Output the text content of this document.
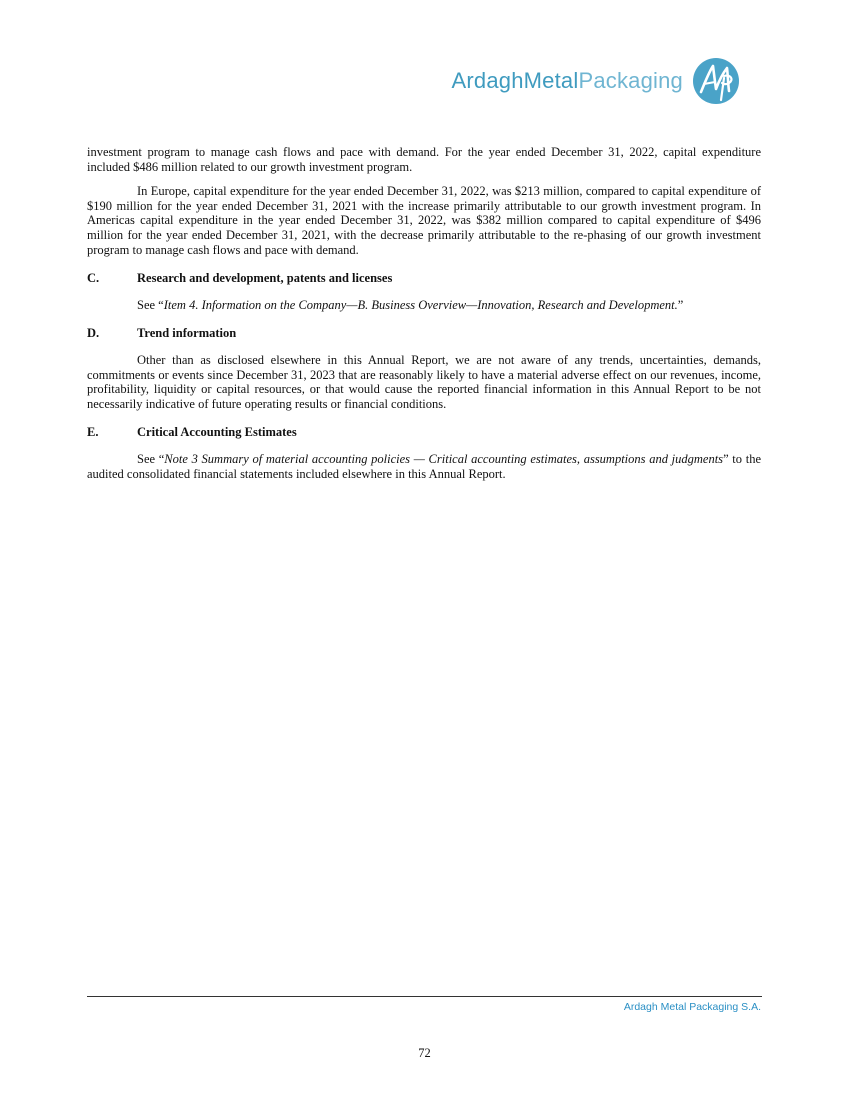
ArdaghMetalPackaging

investment program to manage cash flows and pace with demand. For the year ended December 31, 2022, capital expenditure included $486 million related to our growth investment program.

In Europe, capital expenditure for the year ended December 31, 2022, was $213 million, compared to capital expenditure of $190 million for the year ended December 31, 2021 with the increase primarily attributable to our growth investment program. In Americas capital expenditure in the year ended December 31, 2022, was $382 million compared to capital expenditure of $496 million for the year ended December 31, 2021, with the decrease primarily attributable to the re-phasing of our growth investment program to manage cash flows and pace with demand.

C.	Research and development, patents and licenses

See “Item 4. Information on the Company—B. Business Overview—Innovation, Research and Development.”

D.	Trend information

Other than as disclosed elsewhere in this Annual Report, we are not aware of any trends, uncertainties, demands, commitments or events since December 31, 2023 that are reasonably likely to have a material adverse effect on our revenues, income, profitability, liquidity or capital resources, or that would cause the reported financial information in this Annual Report to be not necessarily indicative of future operating results or financial conditions.

E.	Critical Accounting Estimates

See “Note 3 Summary of material accounting policies — Critical accounting estimates, assumptions and judgments” to the audited consolidated financial statements included elsewhere in this Annual Report.

Ardagh Metal Packaging S.A.
72
